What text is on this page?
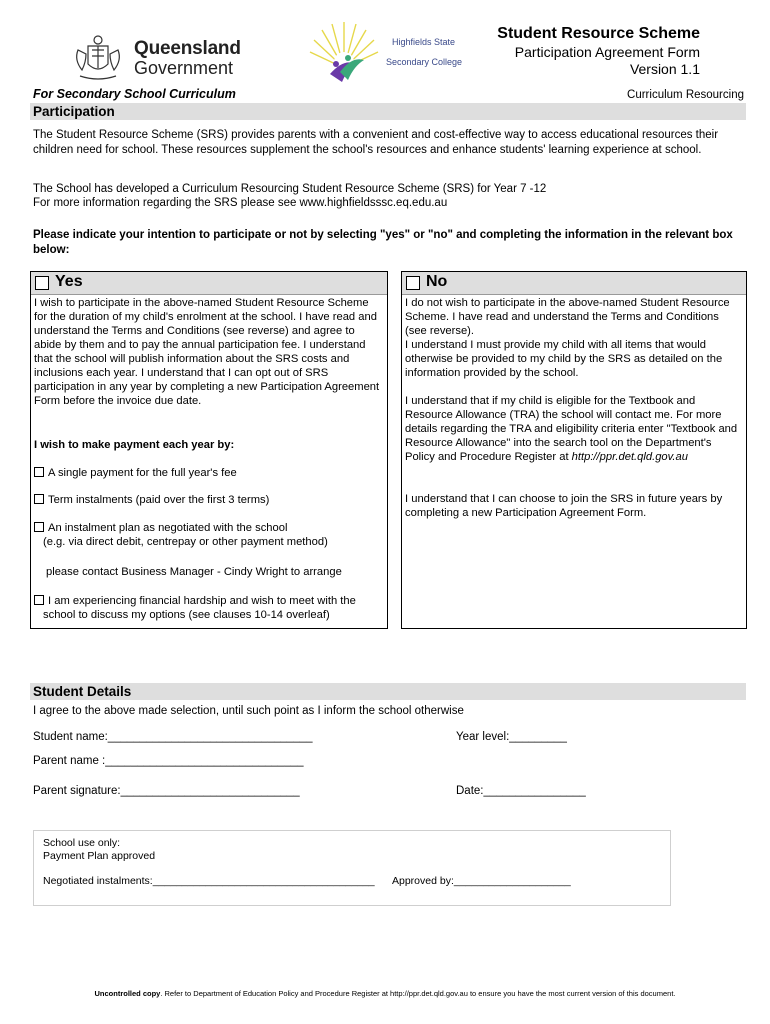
Queensland
Government
Highfields State
Secondary College
Student Resource Scheme
Participation Agreement Form
Version 1.1
For Secondary School Curriculum	Curriculum Resourcing
Participation
The Student Resource Scheme (SRS) provides parents with a convenient and cost-effective way to access educational resources their children need for school. These resources supplement the school's resources and enhance students' learning experience at school.
The School has developed a Curriculum Resourcing Student Resource Scheme (SRS) for Year 7 -12
For more information regarding the SRS please see www.highfieldsssc.eq.edu.au
Please indicate your intention to participate or not by selecting "yes" or "no" and completing the information in the relevant box below:
Yes
I wish to participate in the above-named Student Resource Scheme for the duration of my child's enrolment at the school. I have read and understand the Terms and Conditions (see reverse) and agree to abide by them and to pay the annual participation fee. I understand that the school will publish information about the SRS costs and inclusions each year. I understand that I can opt out of SRS participation in any year by completing a new Participation Agreement Form before the invoice due date.
I wish to make payment each year by:
A single payment for the full year's fee
Term instalments (paid over the first 3 terms)
An instalment plan as negotiated with the school
(e.g. via direct debit, centrepay or other payment method)
please contact Business Manager - Cindy Wright to arrange
I am experiencing financial hardship and wish to meet with the
school to discuss my options (see clauses 10-14 overleaf)
No
I do not wish to participate in the above-named Student Resource Scheme. I have read and understand the Terms and Conditions (see reverse).
I understand I must provide my child with all items that would otherwise be provided to my child by the SRS as detailed on the information provided by the school.
I understand that if my child is eligible for the Textbook and Resource Allowance (TRA) the school will contact me. For more details regarding the TRA and eligibility criteria enter "Textbook and Resource Allowance" into the search tool on the Department's Policy and Procedure Register at http://ppr.det.qld.gov.au
I understand that I can choose to join the SRS in future years by completing a new Participation Agreement Form.
Student Details
I agree to the above made selection, until such point as I inform the school otherwise
Student name:________________________________	Year level:_________
Parent name :_______________________________
Parent signature:____________________________	Date:________________
School use only:
Payment Plan approved
Negotiated instalments:______________________________________ Approved by:____________________
Uncontrolled copy. Refer to Department of Education Policy and Procedure Register at http://ppr.det.qld.gov.au to ensure you have the most current version of this document.
